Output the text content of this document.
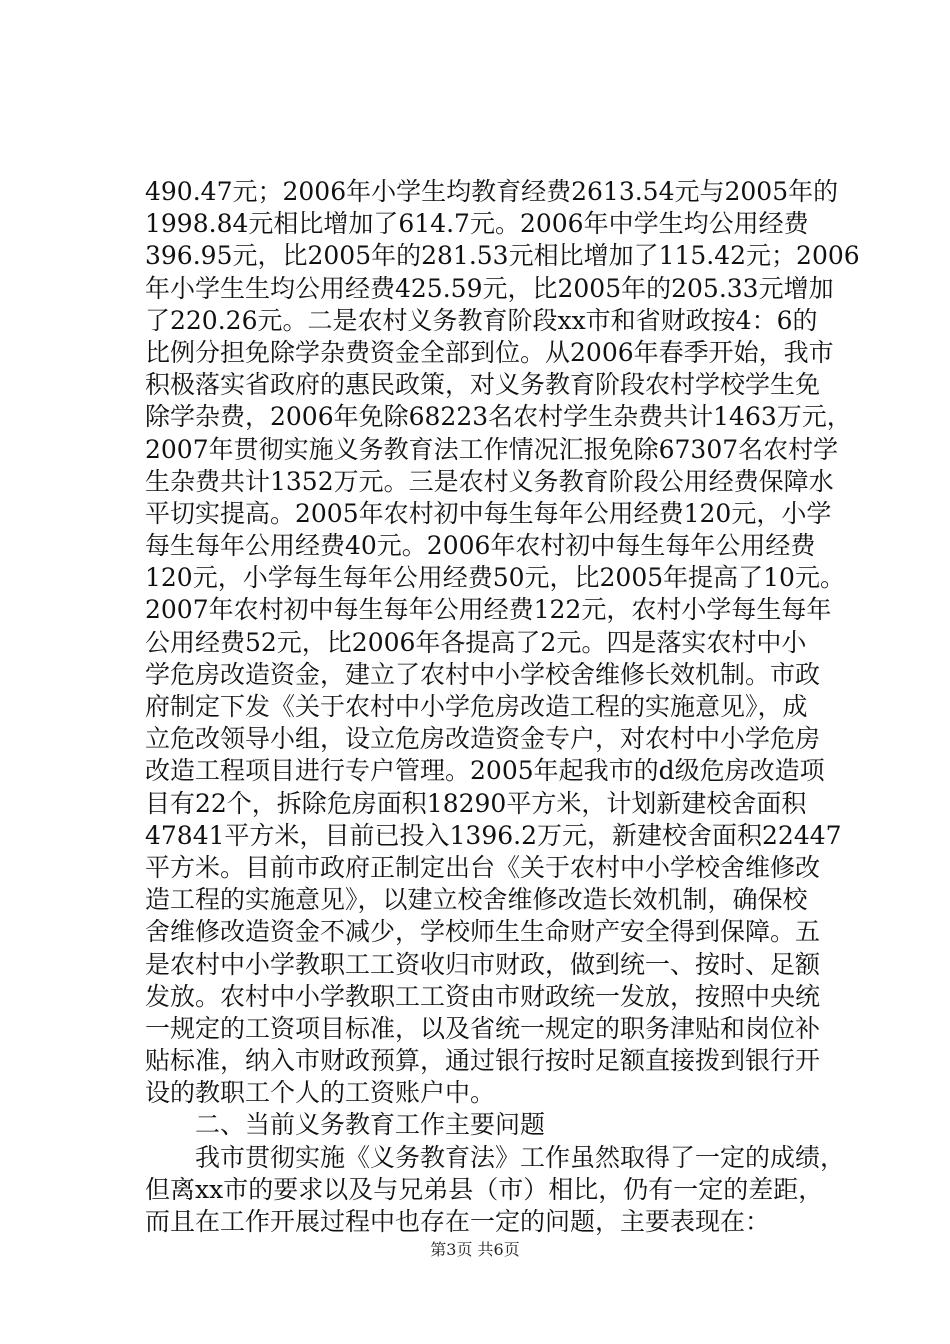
490.47元；2006年小学生均教育经费2613.54元与2005年的
1998.84元相比增加了614.7元。2006年中学生均公用经费
396.95元，比2005年的281.53元相比增加了115.42元；2006
年小学生生均公用经费425.59元，比2005年的205.33元增加
了220.26元。二是农村义务教育阶段xx市和省财政按4：6的
比例分担免除学杂费资金全部到位。从2006年春季开始，我市
积极落实省政府的惠民政策，对义务教育阶段农村学校学生免
除学杂费，2006年免除68223名农村学生杂费共计1463万元，
2007年贯彻实施义务教育法工作情况汇报免除67307名农村学
生杂费共计1352万元。三是农村义务教育阶段公用经费保障水
平切实提高。2005年农村初中每生每年公用经费120元，小学
每生每年公用经费40元。2006年农村初中每生每年公用经费
120元，小学每生每年公用经费50元，比2005年提高了10元。
2007年农村初中每生每年公用经费122元，农村小学每生每年
公用经费52元，比2006年各提高了2元。四是落实农村中小
学危房改造资金，建立了农村中小学校舍维修长效机制。市政
府制定下发《关于农村中小学危房改造工程的实施意见》，成
立危改领导小组，设立危房改造资金专户，对农村中小学危房
改造工程项目进行专户管理。2005年起我市的d级危房改造项
目有22个，拆除危房面积18290平方米，计划新建校舍面积
47841平方米，目前已投入1396.2万元，新建校舍面积22447
平方米。目前市政府正制定出台《关于农村中小学校舍维修改
造工程的实施意见》，以建立校舍维修改造长效机制，确保校
舍维修改造资金不减少，学校师生生命财产安全得到保障。五
是农村中小学教职工工资收归市财政，做到统一、按时、足额
发放。农村中小学教职工工资由市财政统一发放，按照中央统
一规定的工资项目标准，以及省统一规定的职务津贴和岗位补
贴标准，纳入市财政预算，通过银行按时足额直接拨到银行开
设的教职工个人的工资账户中。
二、当前义务教育工作主要问题
我市贯彻实施《义务教育法》工作虽然取得了一定的成绩，
但离xx市的要求以及与兄弟县（市）相比，仍有一定的差距，
而且在工作开展过程中也存在一定的问题，主要表现在：
第3页 共6页
